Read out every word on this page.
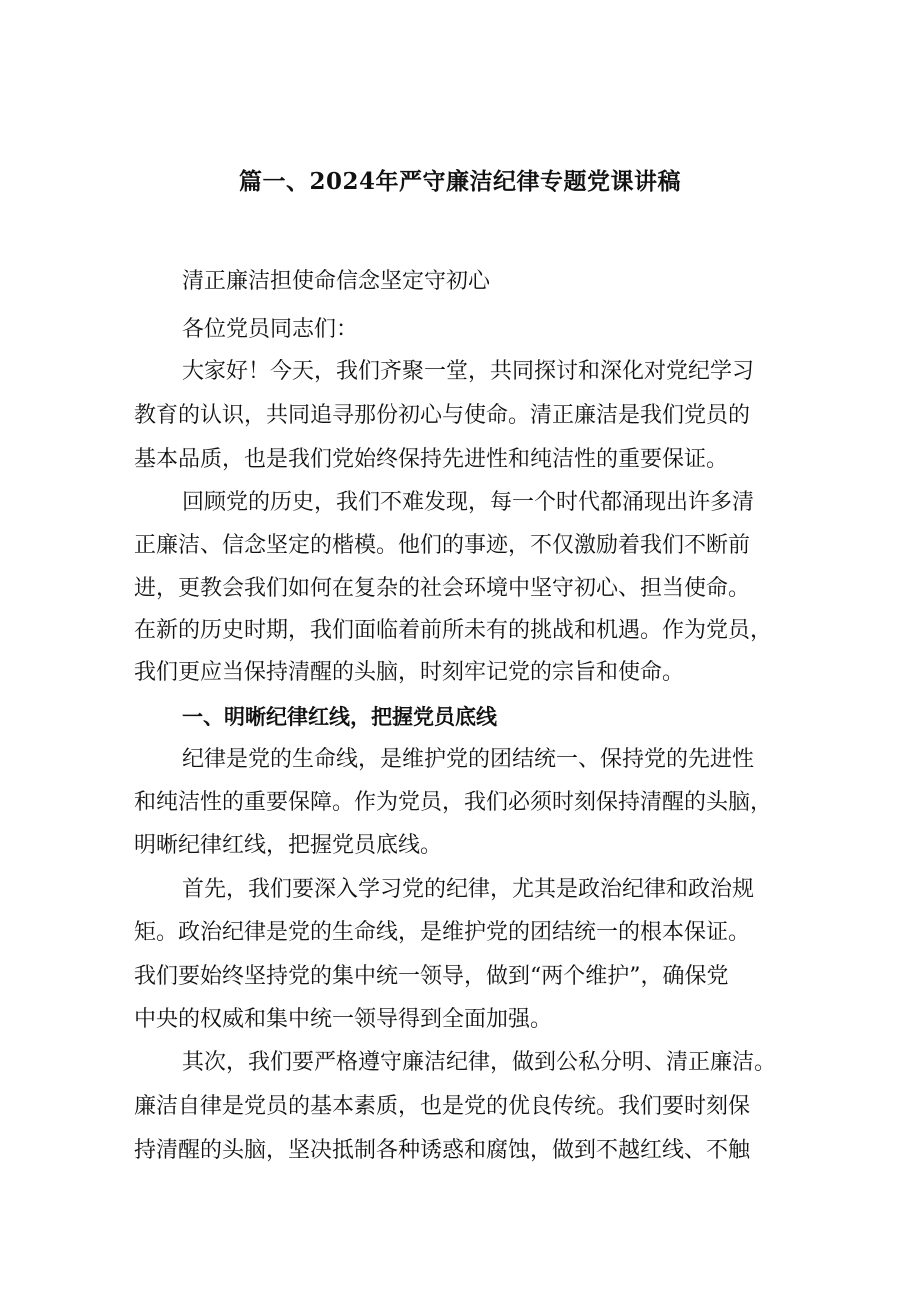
篇一、2024年严守廉洁纪律专题党课讲稿
清正廉洁担使命信念坚定守初心
各位党员同志们：
大家好！今天，我们齐聚一堂，共同探讨和深化对党纪学习
教育的认识，共同追寻那份初心与使命。清正廉洁是我们党员的
基本品质，也是我们党始终保持先进性和纯洁性的重要保证。
回顾党的历史，我们不难发现，每一个时代都涌现出许多清
正廉洁、信念坚定的楷模。他们的事迹，不仅激励着我们不断前
进，更教会我们如何在复杂的社会环境中坚守初心、担当使命。
在新的历史时期，我们面临着前所未有的挑战和机遇。作为党员，
我们更应当保持清醒的头脑，时刻牢记党的宗旨和使命。
一、明晰纪律红线，把握党员底线
纪律是党的生命线，是维护党的团结统一、保持党的先进性
和纯洁性的重要保障。作为党员，我们必须时刻保持清醒的头脑，
明晰纪律红线，把握党员底线。
首先，我们要深入学习党的纪律，尤其是政治纪律和政治规
矩。政治纪律是党的生命线，是维护党的团结统一的根本保证。
我们要始终坚持党的集中统一领导，做到“两个维护”，确保党
中央的权威和集中统一领导得到全面加强。
其次，我们要严格遵守廉洁纪律，做到公私分明、清正廉洁。
廉洁自律是党员的基本素质，也是党的优良传统。我们要时刻保
持清醒的头脑，坚决抵制各种诱惑和腐蚀，做到不越红线、不触
